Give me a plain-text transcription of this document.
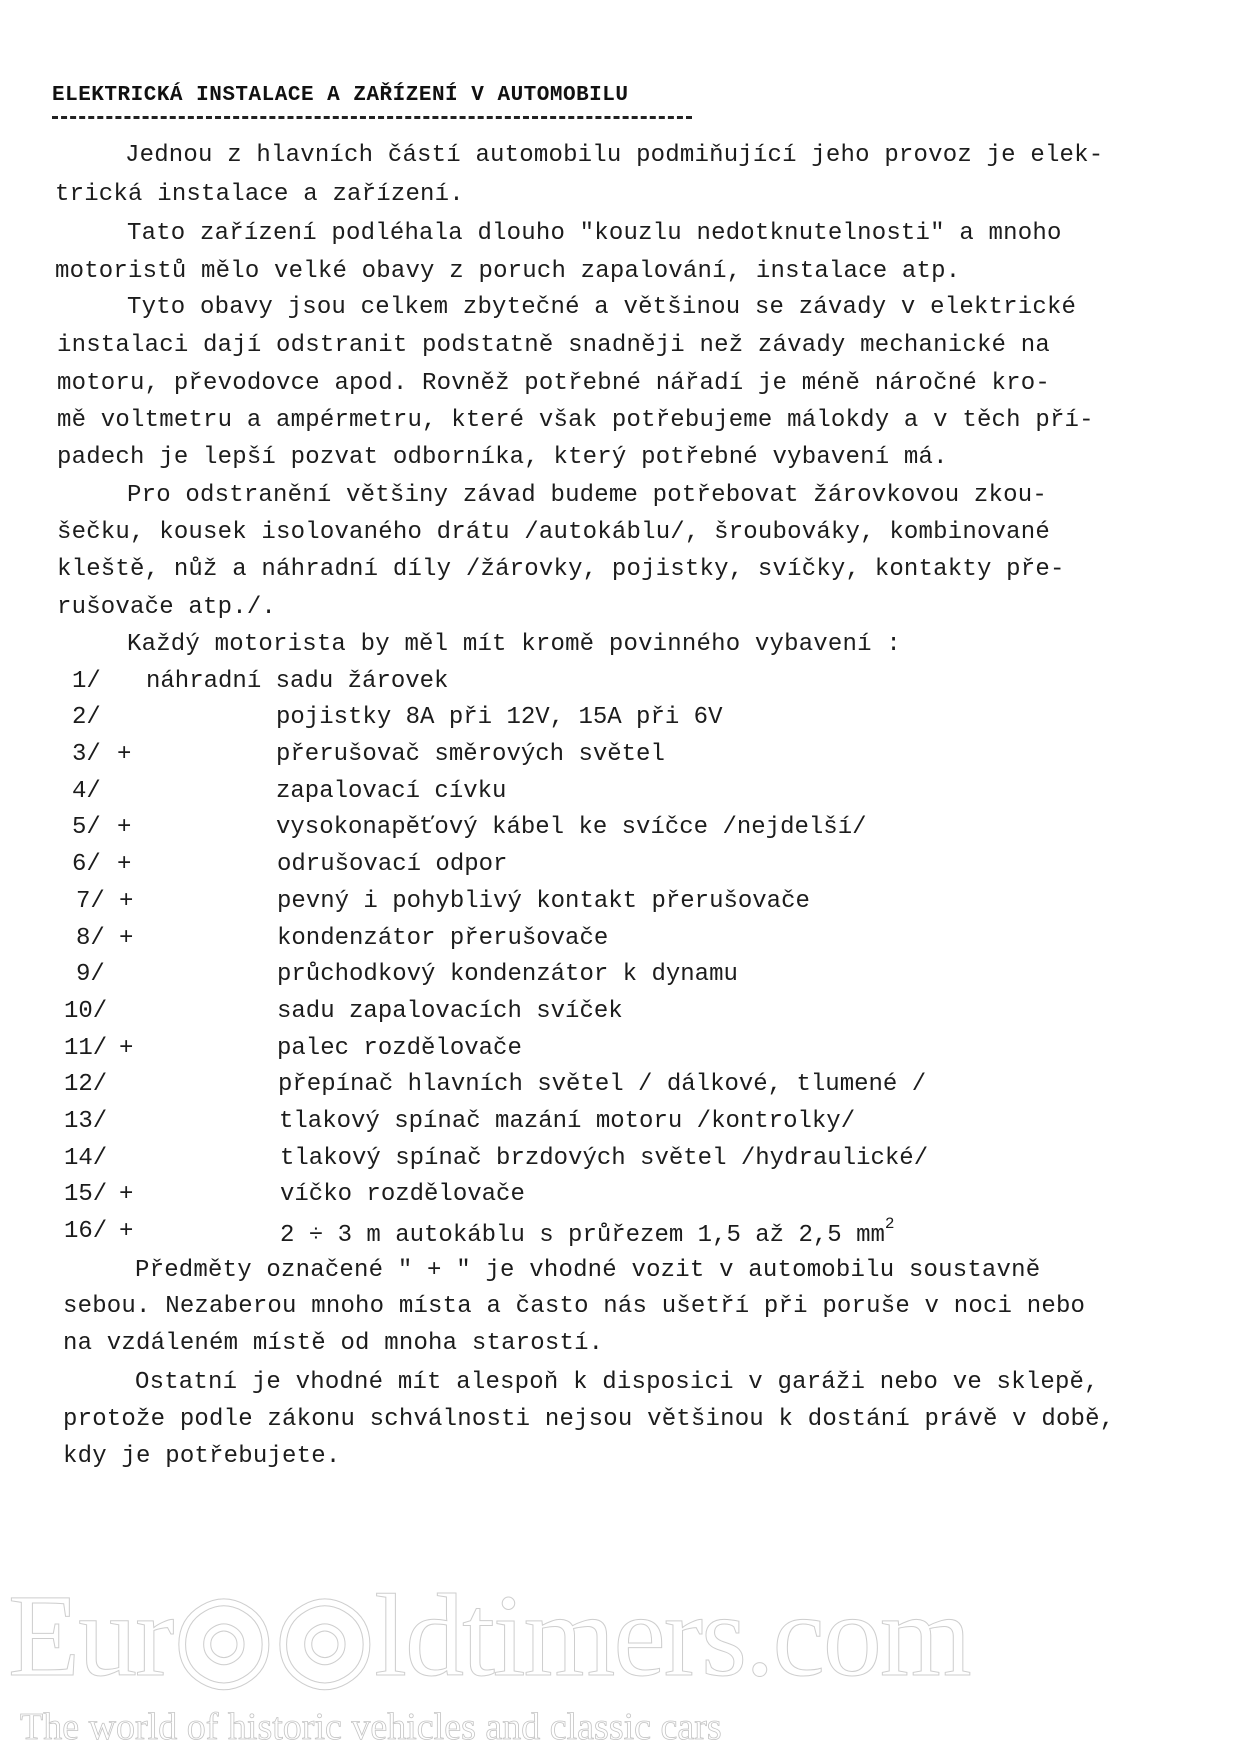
ELEKTRICKÁ INSTALACE A ZAŘÍZENÍ V AUTOMOBILU
Jednou z hlavních částí automobilu podmiňující jeho provoz je elek-
trická instalace a zařízení.
Tato zařízení podléhala dlouho "kouzlu nedotknutelnosti" a mnoho
motoristů mělo velké obavy z poruch zapalování, instalace atp.
Tyto obavy jsou celkem zbytečné a většinou se závady v elektrické
instalaci dají odstranit podstatně snadněji než závady mechanické na
motoru, převodovce apod. Rovněž potřebné nářadí je méně náročné kro-
mě voltmetru a ampérmetru, které však potřebujeme málokdy a v těch pří-
padech je lepší pozvat odborníka, který potřebné vybavení má.
Pro odstranění většiny závad budeme potřebovat žárovkovou zkou-
šečku, kousek isolovaného drátu /autokáblu/, šroubováky, kombinované
kleště, nůž a náhradní díly /žárovky, pojistky, svíčky, kontakty pře-
rušovače atp./.
Každý motorista by měl mít kromě povinného vybavení :
1/ náhradní sadu žárovek
2/	pojistky 8A při 12V, 15A při 6V
3/ +	přerušovač směrových světel
4/	zapalovací cívku
5/ +	vysokonapěťový kábel ke svíčce /nejdelší/
6/ +	odrušovací odpor
7/ +	pevný i pohyblivý kontakt přerušovače
8/ +	kondenzátor přerušovače
9/	průchodkový kondenzátor k dynamu
10/	sadu zapalovacích svíček
11/ +	palec rozdělovače
12/	přepínač hlavních světel / dálkové, tlumené /
13/	tlakový spínač mazání motoru /kontrolky/
14/	tlakový spínač brzdových světel /hydraulické/
15/ +	víčko rozdělovače
16/ +	2 ÷ 3 m autokáblu s průřezem 1,5 až 2,5 $mm^2$
Předměty označené " + " je vhodné vozit v automobilu soustavně
sebou. Nezaberou mnoho místa a často nás ušetří při poruše v noci nebo
na vzdáleném místě od mnoha starostí.
Ostatní je vhodné mít alespoň k disposici v garáži nebo ve sklepě,
protože podle zákonu schválnosti nejsou většinou k dostání právě v době,
kdy je potřebujete.
Eur◎◎ldtimers.com
The world of historic vehicles and classic cars
